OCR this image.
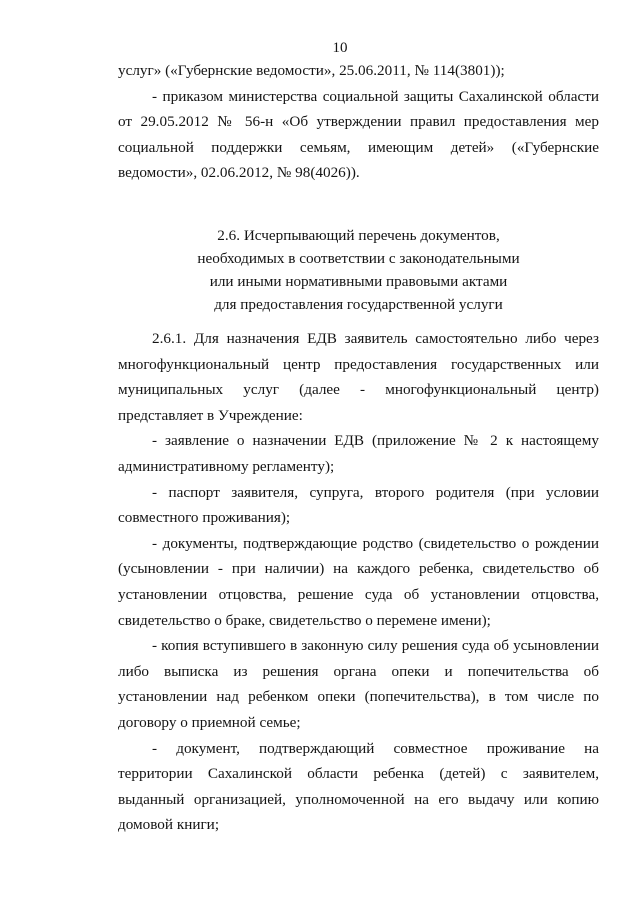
10

услуг» («Губернские ведомости», 25.06.2011, № 114(3801));

- приказом министерства социальной защиты Сахалинской области от 29.05.2012 № 56-н «Об утверждении правил предоставления мер социальной поддержки семьям, имеющим детей» («Губернские ведомости», 02.06.2012, № 98(4026)).

2.6. Исчерпывающий перечень документов,
необходимых в соответствии с законодательными
или иными нормативными правовыми актами
для предоставления государственной услуги

2.6.1. Для назначения ЕДВ заявитель самостоятельно либо через многофункциональный центр предоставления государственных или муниципальных услуг (далее - многофункциональный центр) представляет в Учреждение:

- заявление о назначении ЕДВ (приложение № 2 к настоящему административному регламенту);

- паспорт заявителя, супруга, второго родителя (при условии совместного проживания);

- документы, подтверждающие родство (свидетельство о рождении (усыновлении - при наличии) на каждого ребенка, свидетельство об установлении отцовства, решение суда об установлении отцовства, свидетельство о браке, свидетельство о перемене имени);

- копия вступившего в законную силу решения суда об усыновлении либо выписка из решения органа опеки и попечительства об установлении над ребенком опеки (попечительства), в том числе по договору о приемной семье;

- документ, подтверждающий совместное проживание на территории Сахалинской области ребенка (детей) с заявителем, выданный организацией, уполномоченной на его выдачу или копию домовой книги;
